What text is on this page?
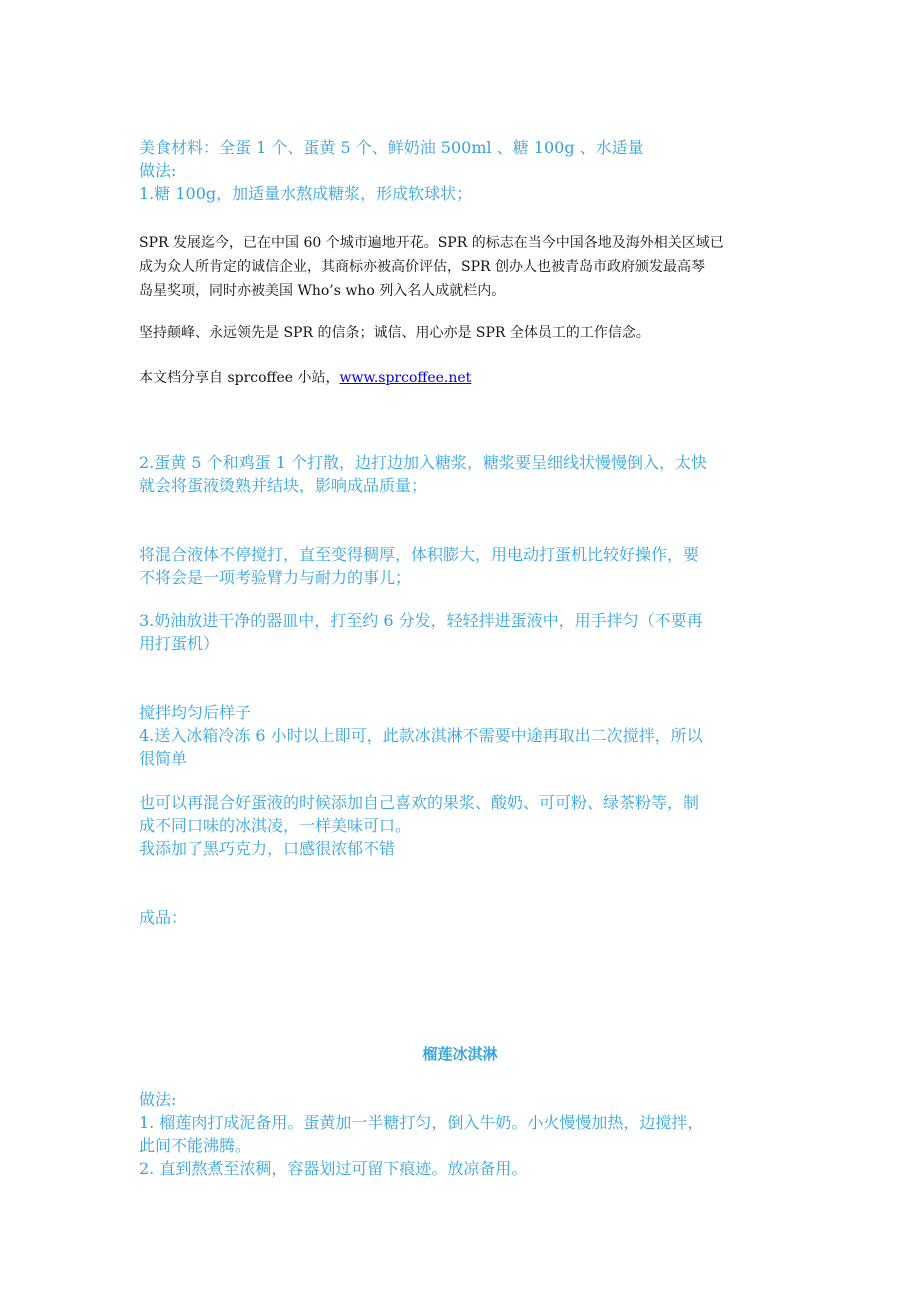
美食材料：全蛋 1 个、蛋黄 5 个、鲜奶油 500ml 、糖 100g 、水适量
做法:
1.糖 100g，加适量水熬成糖浆，形成软球状；
SPR 发展迄今，已在中国 60 个城市遍地开花。SPR 的标志在当今中国各地及海外相关区域已
成为众人所肯定的诚信企业，其商标亦被高价评估，SPR 创办人也被青岛市政府颁发最高琴
岛星奖项，同时亦被美国 Who’s who 列入名人成就栏内。
坚持颠峰、永远领先是 SPR 的信条；诚信、用心亦是 SPR 全体员工的工作信念。
本文档分享自 sprcoffee 小站，www.sprcoffee.net
2.蛋黄 5 个和鸡蛋 1 个打散，边打边加入糖浆，糖浆要呈细线状慢慢倒入，太快
就会将蛋液烫熟并结块，影响成品质量；
将混合液体不停搅打，直至变得稠厚，体积膨大，用电动打蛋机比较好操作，要
不将会是一项考验臂力与耐力的事儿；
3.奶油放进干净的器皿中，打至约 6 分发，轻轻拌进蛋液中，用手拌匀（不要再
用打蛋机）
搅拌均匀后样子
4.送入冰箱冷冻 6 小时以上即可，此款冰淇淋不需要中途再取出二次搅拌，所以
很简单
也可以再混合好蛋液的时候添加自己喜欢的果浆、酸奶、可可粉、绿茶粉等，制
成不同口味的冰淇凌，一样美味可口。
我添加了黑巧克力，口感很浓郁不错
成品：
榴莲冰淇淋
做法:
1. 榴莲肉打成泥备用。蛋黄加一半糖打匀，倒入牛奶。小火慢慢加热，边搅拌，
此间不能沸腾。
2. 直到熬煮至浓稠，容器划过可留下痕迹。放凉备用。
